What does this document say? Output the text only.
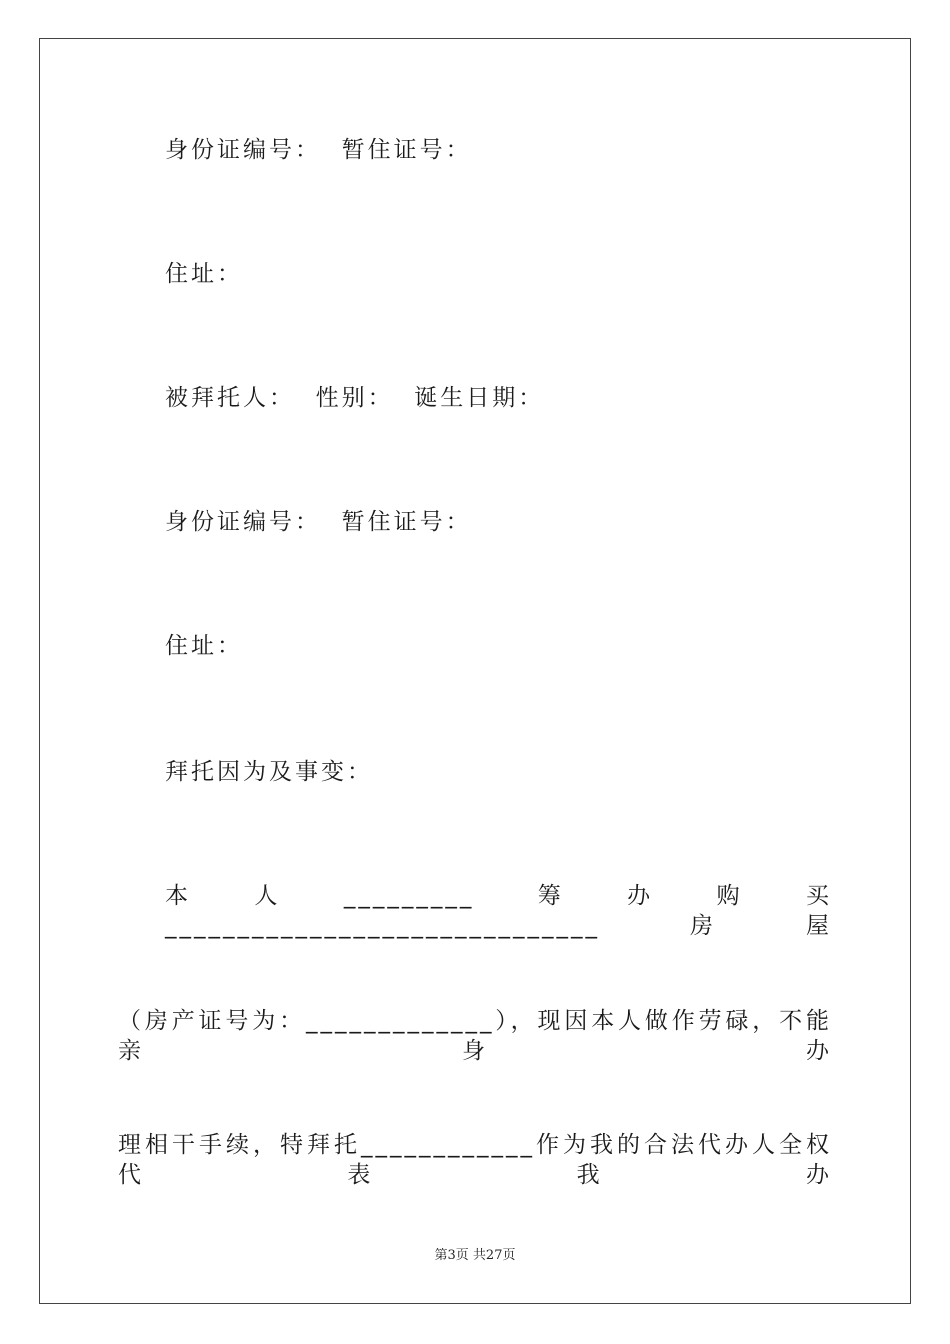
身份证编号：  暂住证号：
住址：
被拜托人：  性别：  诞生日期：
身份证编号：  暂住证号：
住址：
拜托因为及事变：
本人_________筹办购买______________________________房屋
（房产证号为：_____________），现因本人做作劳碌，不能亲身办
理相干手续，特拜托____________作为我的合法代办人全权代表我办
第3页 共27页
